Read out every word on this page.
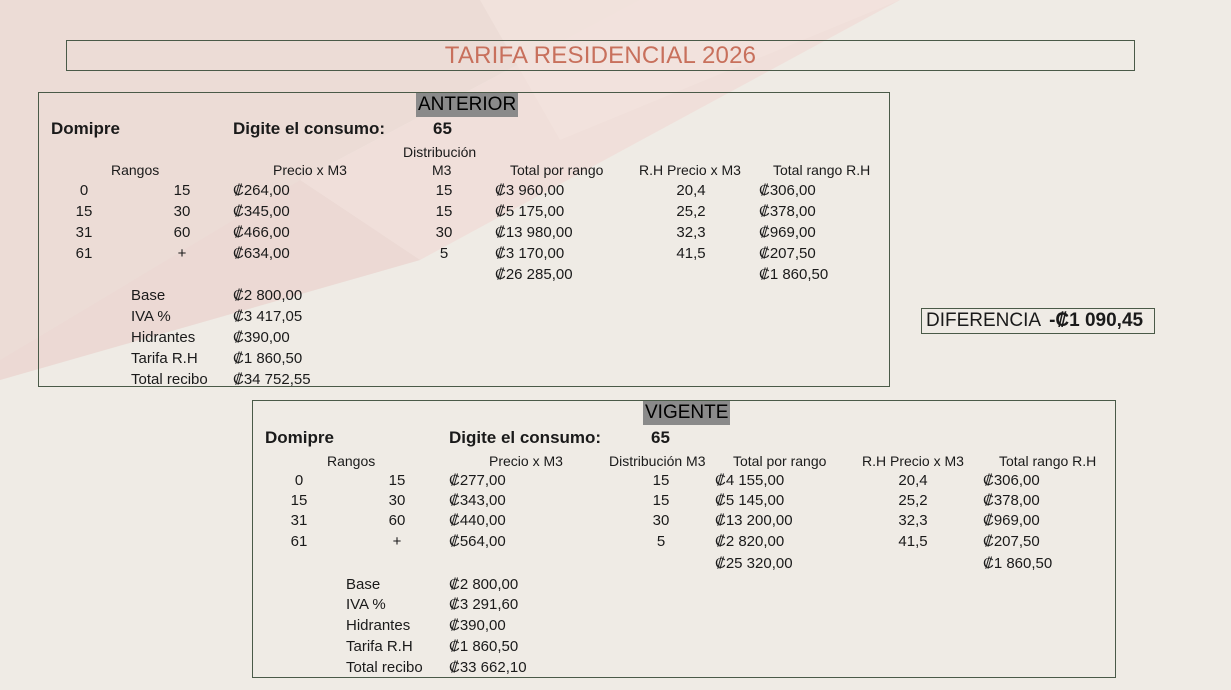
TARIFA RESIDENCIAL 2026
ANTERIOR
Domipre	Digite el consumo:	65
Distribución
Rangos	Precio x M3	M3	Total por rango	R.H Precio x M3 Total rango R.H
0	15	₡264,00	15	₡3 960,00	20,4	₡306,00
15	30	₡345,00	15	₡5 175,00	25,2	₡378,00
31	60	₡466,00	30	₡13 980,00	32,3	₡969,00
61	+	₡634,00	5	₡3 170,00	41,5	₡207,50
₡26 285,00	₡1 860,50
Base	₡2 800,00
IVA %	₡3 417,05
Hidrantes	₡390,00
Tarifa R.H ₡1 860,50
Total recibo ₡34 752,55
DIFERENCIA -₡1 090,45
VIGENTE
Domipre	Digite el consumo:	65
Rangos	Precio x M3	Distribución M3 Total por rango	R.H Precio x M3	Total rango R.H
0	15	₡277,00	15	₡4 155,00	20,4	₡306,00
15	30	₡343,00	15	₡5 145,00	25,2	₡378,00
31	60	₡440,00	30	₡13 200,00	32,3	₡969,00
61	+	₡564,00	5	₡2 820,00	41,5	₡207,50
₡25 320,00	₡1 860,50
Base	₡2 800,00
IVA %	₡3 291,60
Hidrantes	₡390,00
Tarifa R.H ₡1 860,50
Total recibo ₡33 662,10
